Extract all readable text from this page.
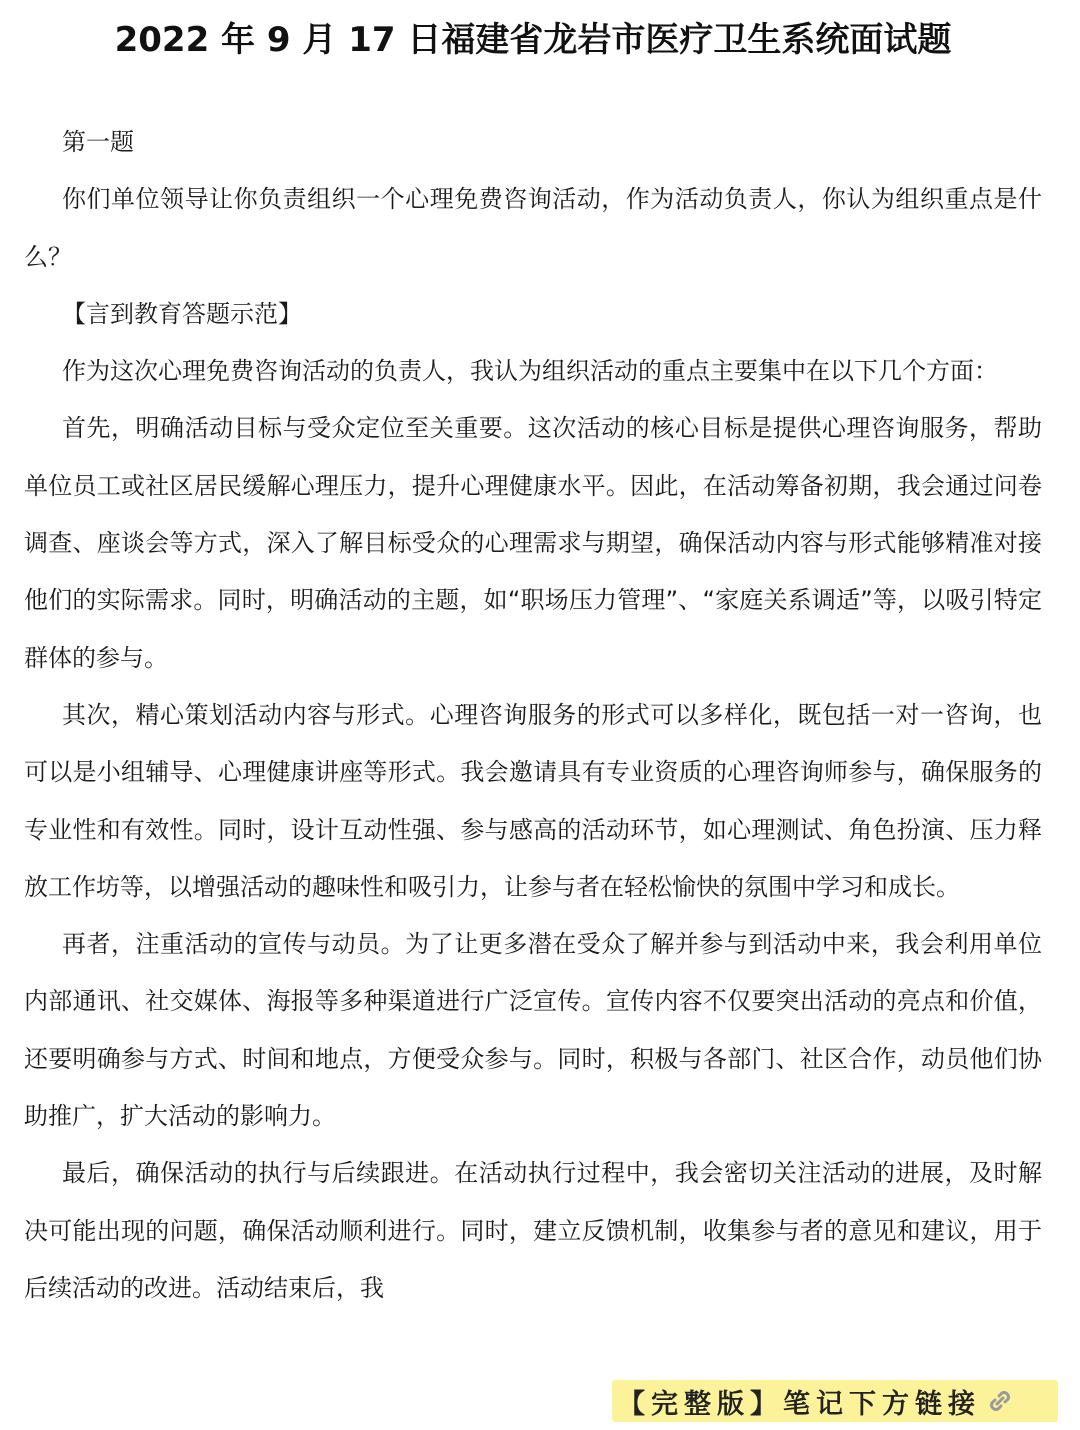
2022 年 9 月 17 日福建省龙岩市医疗卫生系统面试题

第一题

你们单位领导让你负责组织一个心理免费咨询活动，作为活动负责人，你认为组织重点是什么？

【言到教育答题示范】

作为这次心理免费咨询活动的负责人，我认为组织活动的重点主要集中在以下几个方面：

首先，明确活动目标与受众定位至关重要。这次活动的核心目标是提供心理咨询服务，帮助单位员工或社区居民缓解心理压力，提升心理健康水平。因此，在活动筹备初期，我会通过问卷调查、座谈会等方式，深入了解目标受众的心理需求与期望，确保活动内容与形式能够精准对接他们的实际需求。同时，明确活动的主题，如“职场压力管理”、“家庭关系调适”等，以吸引特定群体的参与。

其次，精心策划活动内容与形式。心理咨询服务的形式可以多样化，既包括一对一咨询，也可以是小组辅导、心理健康讲座等形式。我会邀请具有专业资质的心理咨询师参与，确保服务的专业性和有效性。同时，设计互动性强、参与感高的活动环节，如心理测试、角色扮演、压力释放工作坊等，以增强活动的趣味性和吸引力，让参与者在轻松愉快的氛围中学习和成长。

再者，注重活动的宣传与动员。为了让更多潜在受众了解并参与到活动中来，我会利用单位内部通讯、社交媒体、海报等多种渠道进行广泛宣传。宣传内容不仅要突出活动的亮点和价值，还要明确参与方式、时间和地点，方便受众参与。同时，积极与各部门、社区合作，动员他们协助推广，扩大活动的影响力。

最后，确保活动的执行与后续跟进。在活动执行过程中，我会密切关注活动的进展，及时解决可能出现的问题，确保活动顺利进行。同时，建立反馈机制，收集参与者的意见和建议，用于后续活动的改进。活动结束后，我

【完整版】笔记下方链接
